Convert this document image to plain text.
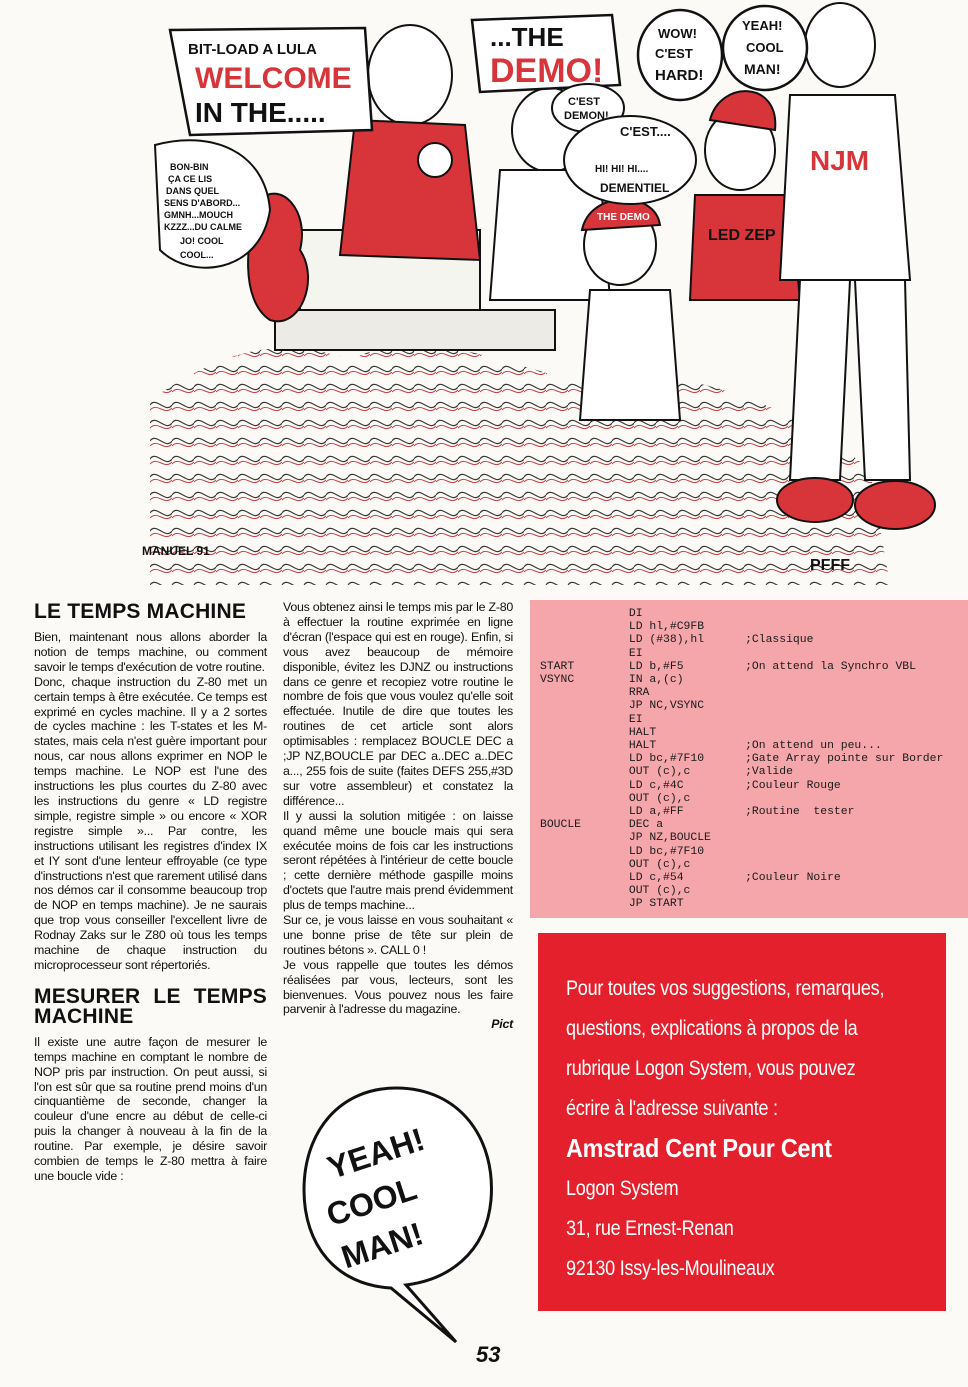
BIT-LOAD A LULA
WELCOME
IN THE.....
...THE
DEMO!
WOW!
C'EST
HARD!
YEAH!
COOL
MAN!
C'EST
DEMON!
C'EST....
HI! HI! HI....
DEMENTIEL
BON-BIN
ÇA CE LIS
DANS QUEL
SENS D'ABORD...
GMNH...MOUCH
KZZZ...DU CALME
JO! COOL
COOL...
NJM
LED ZEP
THE DEMO
MANUEL 91
PFFF
LE TEMPS MACHINE

Bien, maintenant nous allons aborder la notion de temps machine, ou comment savoir le temps d'exécution de votre routine.

Donc, chaque instruction du Z-80 met un certain temps à être exécutée. Ce temps est exprimé en cycles machine. Il y a 2 sortes de cycles machine : les T-states et les M-states, mais cela n'est guère important pour nous, car nous allons exprimer en NOP le temps machine. Le NOP est l'une des instructions les plus courtes du Z-80 avec les instructions du genre « LD registre simple, registre simple » ou encore « XOR registre simple »... Par contre, les instructions utilisant les registres d'index IX et IY sont d'une lenteur effroyable (ce type d'instructions n'est que rarement utilisé dans nos démos car il consomme beaucoup trop de NOP en temps machine). Je ne saurais que trop vous conseiller l'excellent livre de Rodnay Zaks sur le Z80 où tous les temps machine de chaque instruction du microprocesseur sont répertoriés.

MESURER LE TEMPS MACHINE

Il existe une autre façon de mesurer le temps machine en comptant le nombre de NOP pris par instruction. On peut aussi, si l'on est sûr que sa routine prend moins d'un cinquantième de seconde, changer la couleur d'une encre au début de celle-ci puis la changer à nouveau à la fin de la routine. Par exemple, je désire savoir combien de temps le Z-80 mettra à faire une boucle vide :

Vous obtenez ainsi le temps mis par le Z-80 à effectuer la routine exprimée en ligne d'écran (l'espace qui est en rouge). Enfin, si vous avez beaucoup de mémoire disponible, évitez les DJNZ ou instructions dans ce genre et recopiez votre routine le nombre de fois que vous voulez qu'elle soit effectuée. Inutile de dire que toutes les routines de cet article sont alors optimisables : remplacez BOUCLE DEC a ;JP NZ,BOUCLE par DEC a..DEC a..DEC a..., 255 fois de suite (faites DEFS 255,#3D sur votre assembleur) et constatez la différence...

Il y aussi la solution mitigée : on laisse quand même une boucle mais qui sera exécutée moins de fois car les instructions seront répétées à l'intérieur de cette boucle ; cette dernière méthode gaspille moins d'octets que l'autre mais prend évidemment plus de temps machine...

Sur ce, je vous laisse en vous souhaitant « une bonne prise de tête sur plein de routines bétons ». CALL 0 !

Je vous rappelle que toutes les démos réalisées par vous, lecteurs, sont les bienvenues. Vous pouvez nous les faire parvenir à l'adresse du magazine.

Pict

DI
LD hl,#C9FB
LD (#38),hl      ;Classique
EI
START        LD b,#F5         ;On attend la Synchro VBL
VSYNC        IN a,(c)
RRA
JP NC,VSYNC
EI
HALT
HALT             ;On attend un peu...
LD bc,#7F10      ;Gate Array pointe sur Border
OUT (c),c        ;Valide
LD c,#4C         ;Couleur Rouge
OUT (c),c
LD a,#FF         ;Routine  tester
BOUCLE       DEC a
JP NZ,BOUCLE
LD bc,#7F10
OUT (c),c
LD c,#54         ;Couleur Noire
OUT (c),c
JP START
YEAH!
COOL
MAN!
Pour toutes vos suggestions, remarques,
questions, explications à propos de la
rubrique Logon System, vous pouvez
écrire à l'adresse suivante :
Amstrad Cent Pour Cent
Logon System
31, rue Ernest-Renan
92130 Issy-les-Moulineaux
53
